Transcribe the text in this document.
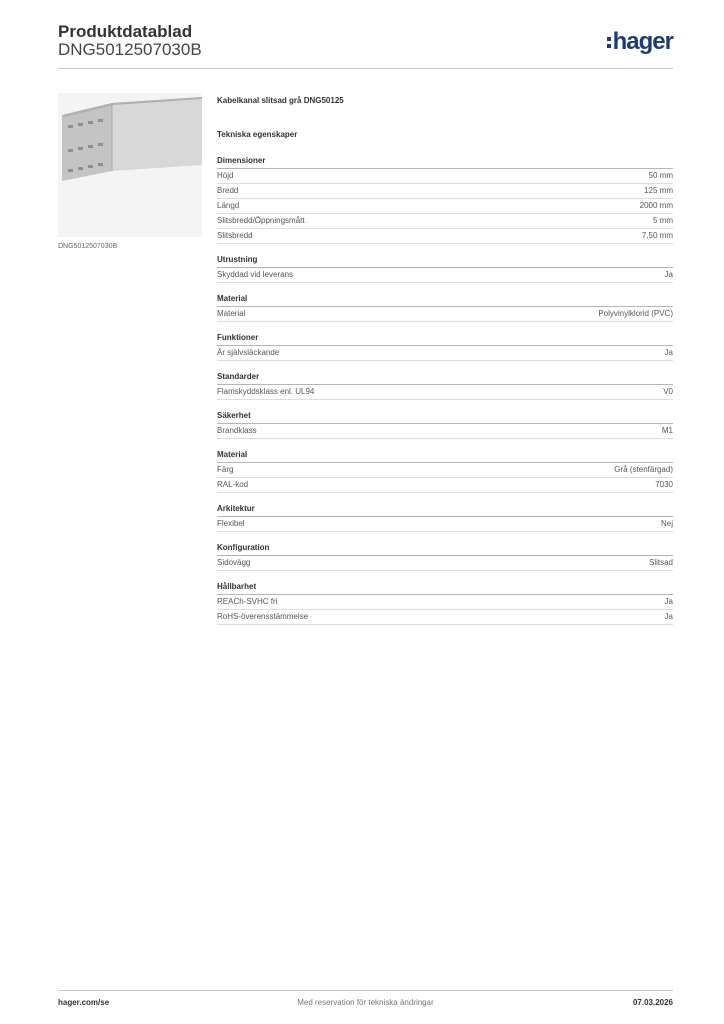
Produktdatablad
DNG5012507030B	hager
DNG5012507030B
Kabelkanal slitsad grå DNG50125
Tekniska egenskaper
Dimensioner
Höjd	50 mm
Bredd	125 mm
Längd	2000 mm
Slitsbredd/Öppningsmått	5 mm
Slitsbredd	7,50 mm
Utrustning
Skyddad vid leverans	Ja
Material
Material	Polyvinylklorid (PVC)
Funktioner
Är självsläckande	Ja
Standarder
Flamskyddsklass enl. UL94	V0
Säkerhet
Brandklass	M1
Material
Färg	Grå (stenfärgad)
RAL-kod	7030
Arkitektur
Flexibel	Nej
Konfiguration
Sidovägg	Slitsad
Hållbarhet
REACh-SVHC fri	Ja
RoHS-överensstämmelse	Ja
hager.com/se	Med reservation för tekniska ändringar	07.03.2026
